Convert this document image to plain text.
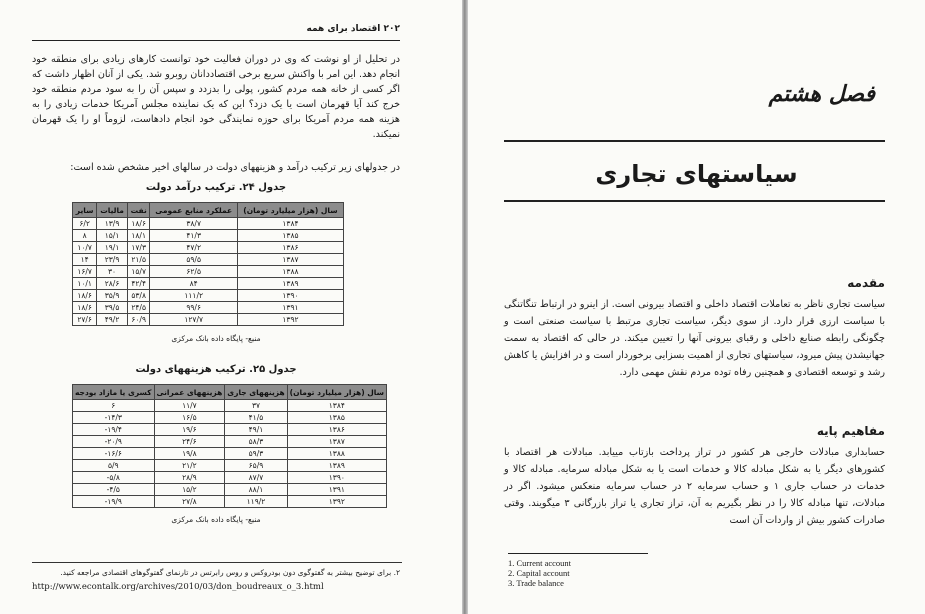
۲۰۲ اقتصاد برای همه
در تحلیل از او نوشت که وی در دوران فعالیت خود توانست کارهای زیادی برای منطقه خود انجام دهد. این امر با واکنش سریع برخی اقتصاددانان روبرو شد. یکی از آنان اظهار داشت که اگر کسی از خانه همه مردم کشور، پولی را بدزدد و سپس آن را به سود مردم منطقه خود خرج کند آیا قهرمان است یا یک دزد؟ این که یک نماینده مجلس آمریکا خدمات زیادی را به هزینه همه مردم آمریکا برای حوزه نمایندگی خود انجام دادهاست، لزوماً او را یک قهرمان نمیکند.
در جدولهای زیر ترکیب درآمد و هزینههای دولت در سالهای اخیر مشخص شده است:
جدول ۲۴. ترکیب درآمد دولت
سال (هزار میلیارد تومان)	عملکرد منابع عمومی	نفت	مالیات	سایر
۱۳۸۴	۳۸/۷	۱۸/۶	۱۳/۹	۶/۲
۱۳۸۵	۴۱/۳	۱۸/۱	۱۵/۱	۸
۱۳۸۶	۴۷/۲	۱۷/۳	۱۹/۱	۱۰/۷
۱۳۸۷	۵۹/۵	۲۱/۵	۲۳/۹	۱۴
۱۳۸۸	۶۲/۵	۱۵/۷	۳۰	۱۶/۷
۱۳۸۹	۸۴	۴۲/۴	۲۸/۶	۱۰/۱
۱۳۹۰	۱۱۱/۲	۵۳/۸	۳۵/۹	۱۸/۶
۱۳۹۱	۹۹/۶	۲۴/۵	۳۹/۵	۱۸/۶
۱۳۹۲	۱۲۷/۷	۶۰/۹	۴۹/۲	۲۷/۶
منبع- پایگاه داده بانک مرکزی
جدول ۲۵. ترکیب هزینههای دولت
سال (هزار میلیارد تومان)	هزینههای جاری	هزینههای عمرانی	کسری یا مازاد بودجه
۱۳۸۴	۳۷	۱۱/۷	۶
۱۳۸۵	۴۱/۵	۱۶/۵	۱۴/۳-
۱۳۸۶	۴۹/۱	۱۹/۶	۱۹/۴-
۱۳۸۷	۵۸/۳	۲۴/۶	۲۰/۹-
۱۳۸۸	۵۹/۳	۱۹/۸	۱۶/۶-
۱۳۸۹	۶۵/۹	۲۱/۲	۵/۹
۱۳۹۰	۸۷/۷	۲۸/۹	۵/۸-
۱۳۹۱	۸۸/۱	۱۵/۲	۴/۵-
۱۳۹۲	۱۱۹/۲	۲۷/۸	۱۹/۹-
منبع- پایگاه داده بانک مرکزی
۲. برای توضیح بیشتر به گفتوگوی دون بودروکس و روس رابرتس در تارنمای گفتوگوهای اقتصادی مراجعه کنید.
http://www.econtalk.org/archives/2010/03/don_boudreaux_o_3.html
فصل هشتم
سیاستهای تجاری
مقدمه
سیاست تجاری ناظر به تعاملات اقتصاد داخلی و اقتصاد بیرونی است. از اینرو در ارتباط تنگاتنگی با سیاست ارزی قرار دارد. از سوی دیگر، سیاست تجاری مرتبط با سیاست صنعتی است و چگونگی رابطه صنایع داخلی و رقبای بیرونی آنها را تعیین میکند. در حالی که اقتصاد به سمت جهانیشدن پیش میرود، سیاستهای تجاری از اهمیت بسزایی برخوردار است و در افزایش یا کاهش رشد و توسعه اقتصادی و همچنین رفاه توده مردم نقش مهمی دارد.
مفاهیم پایه
حسابداری مبادلات خارجی هر کشور در تراز پرداخت بازتاب مییابد. مبادلات هر اقتصاد با کشورهای دیگر یا به شکل مبادله کالا و خدمات است یا به شکل مبادله سرمایه. مبادله کالا و خدمات در حساب جاری ۱ و حساب سرمایه ۲ در حساب سرمایه منعکس میشود. اگر در مبادلات، تنها مبادله کالا را در نظر بگیریم به آن، تراز تجاری یا تراز بازرگانی ۳ میگویند. وقتی صادرات کشور بیش از واردات آن است
1. Current account
2. Capital account
3. Trade balance
